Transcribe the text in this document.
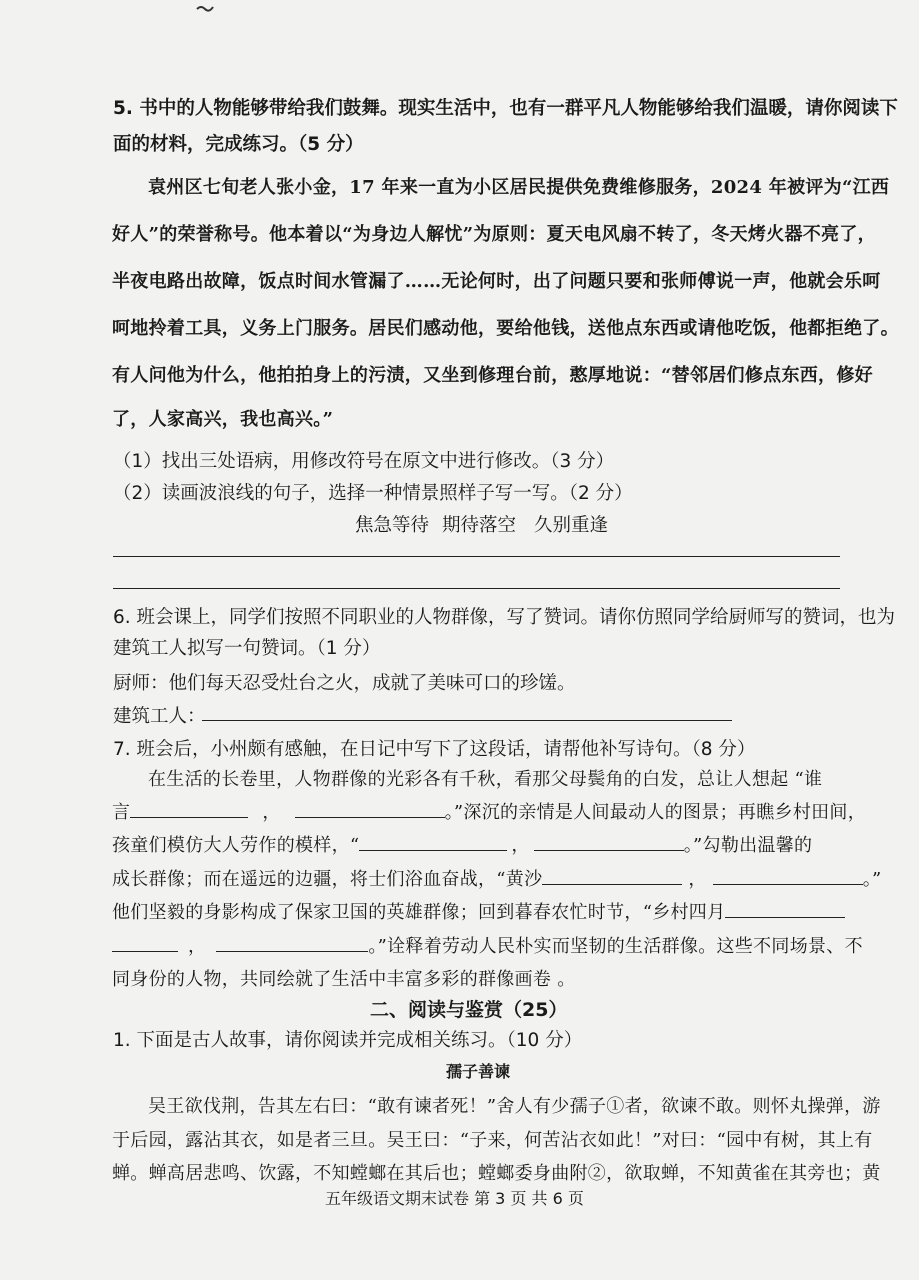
5. 书中的人物能够带给我们鼓舞。现实生活中，也有一群平凡人物能够给我们温暖，请你阅读下
面的材料，完成练习。（5 分）
袁州区七旬老人张小金，17 年来一直为小区居民提供免费维修服务，2024 年被评为“江西
好人”的荣誉称号。他本着以“为身边人解忧”为原则：夏天电风扇不转了，冬天烤火器不亮了，
半夜电路出故障，饭点时间水管漏了……无论何时，出了问题只要和张师傅说一声，他就会乐呵
呵地拎着工具，义务上门服务。居民们感动他，要给他钱，送他点东西或请他吃饭，他都拒绝了。
有人问他为什么，他拍拍身上的污渍，又坐到修理台前，憨厚地说：“替邻居们修点东西，修好
了，人家高兴，我也高兴。”
（1）找出三处语病，用修改符号在原文中进行修改。（3 分）
（2）读画波浪线的句子，选择一种情景照样子写一写。（2 分）
焦急等待 期待落空 久别重逢
6. 班会课上，同学们按照不同职业的人物群像，写了赞词。请你仿照同学给厨师写的赞词，也为
建筑工人拟写一句赞词。（1 分）
厨师：他们每天忍受灶台之火，成就了美味可口的珍馐。
建筑工人：
7. 班会后，小州颇有感触，在日记中写下了这段话，请帮他补写诗句。（8 分）
在生活的长卷里，人物群像的光彩各有千秋，看那父母鬓角的白发，总让人想起 “谁
言	，	。”深沉的亲情是人间最动人的图景；再瞧乡村田间，
孩童们模仿大人劳作的模样，“	，	。”勾勒出温馨的
成长群像；而在遥远的边疆，将士们浴血奋战，“黄沙	，	。”
他们坚毅的身影构成了保家卫国的英雄群像；回到暮春农忙时节，“乡村四月
，	。”诠释着劳动人民朴实而坚韧的生活群像。这些不同场景、不
同身份的人物，共同绘就了生活中丰富多彩的群像画卷 。
二、阅读与鉴赏（25）
1. 下面是古人故事，请你阅读并完成相关练习。（10 分）
孺子善谏
吴王欲伐荆，告其左右曰：“敢有谏者死！”舍人有少孺子①者，欲谏不敢。则怀丸操弹，游
于后园，露沾其衣，如是者三旦。吴王曰：“子来，何苦沾衣如此！”对曰：“园中有树，其上有
蝉。蝉高居悲鸣、饮露，不知螳螂在其后也；螳螂委身曲附②，欲取蝉，不知黄雀在其旁也；黄
五年级语文期末试卷 第 3 页 共 6 页
